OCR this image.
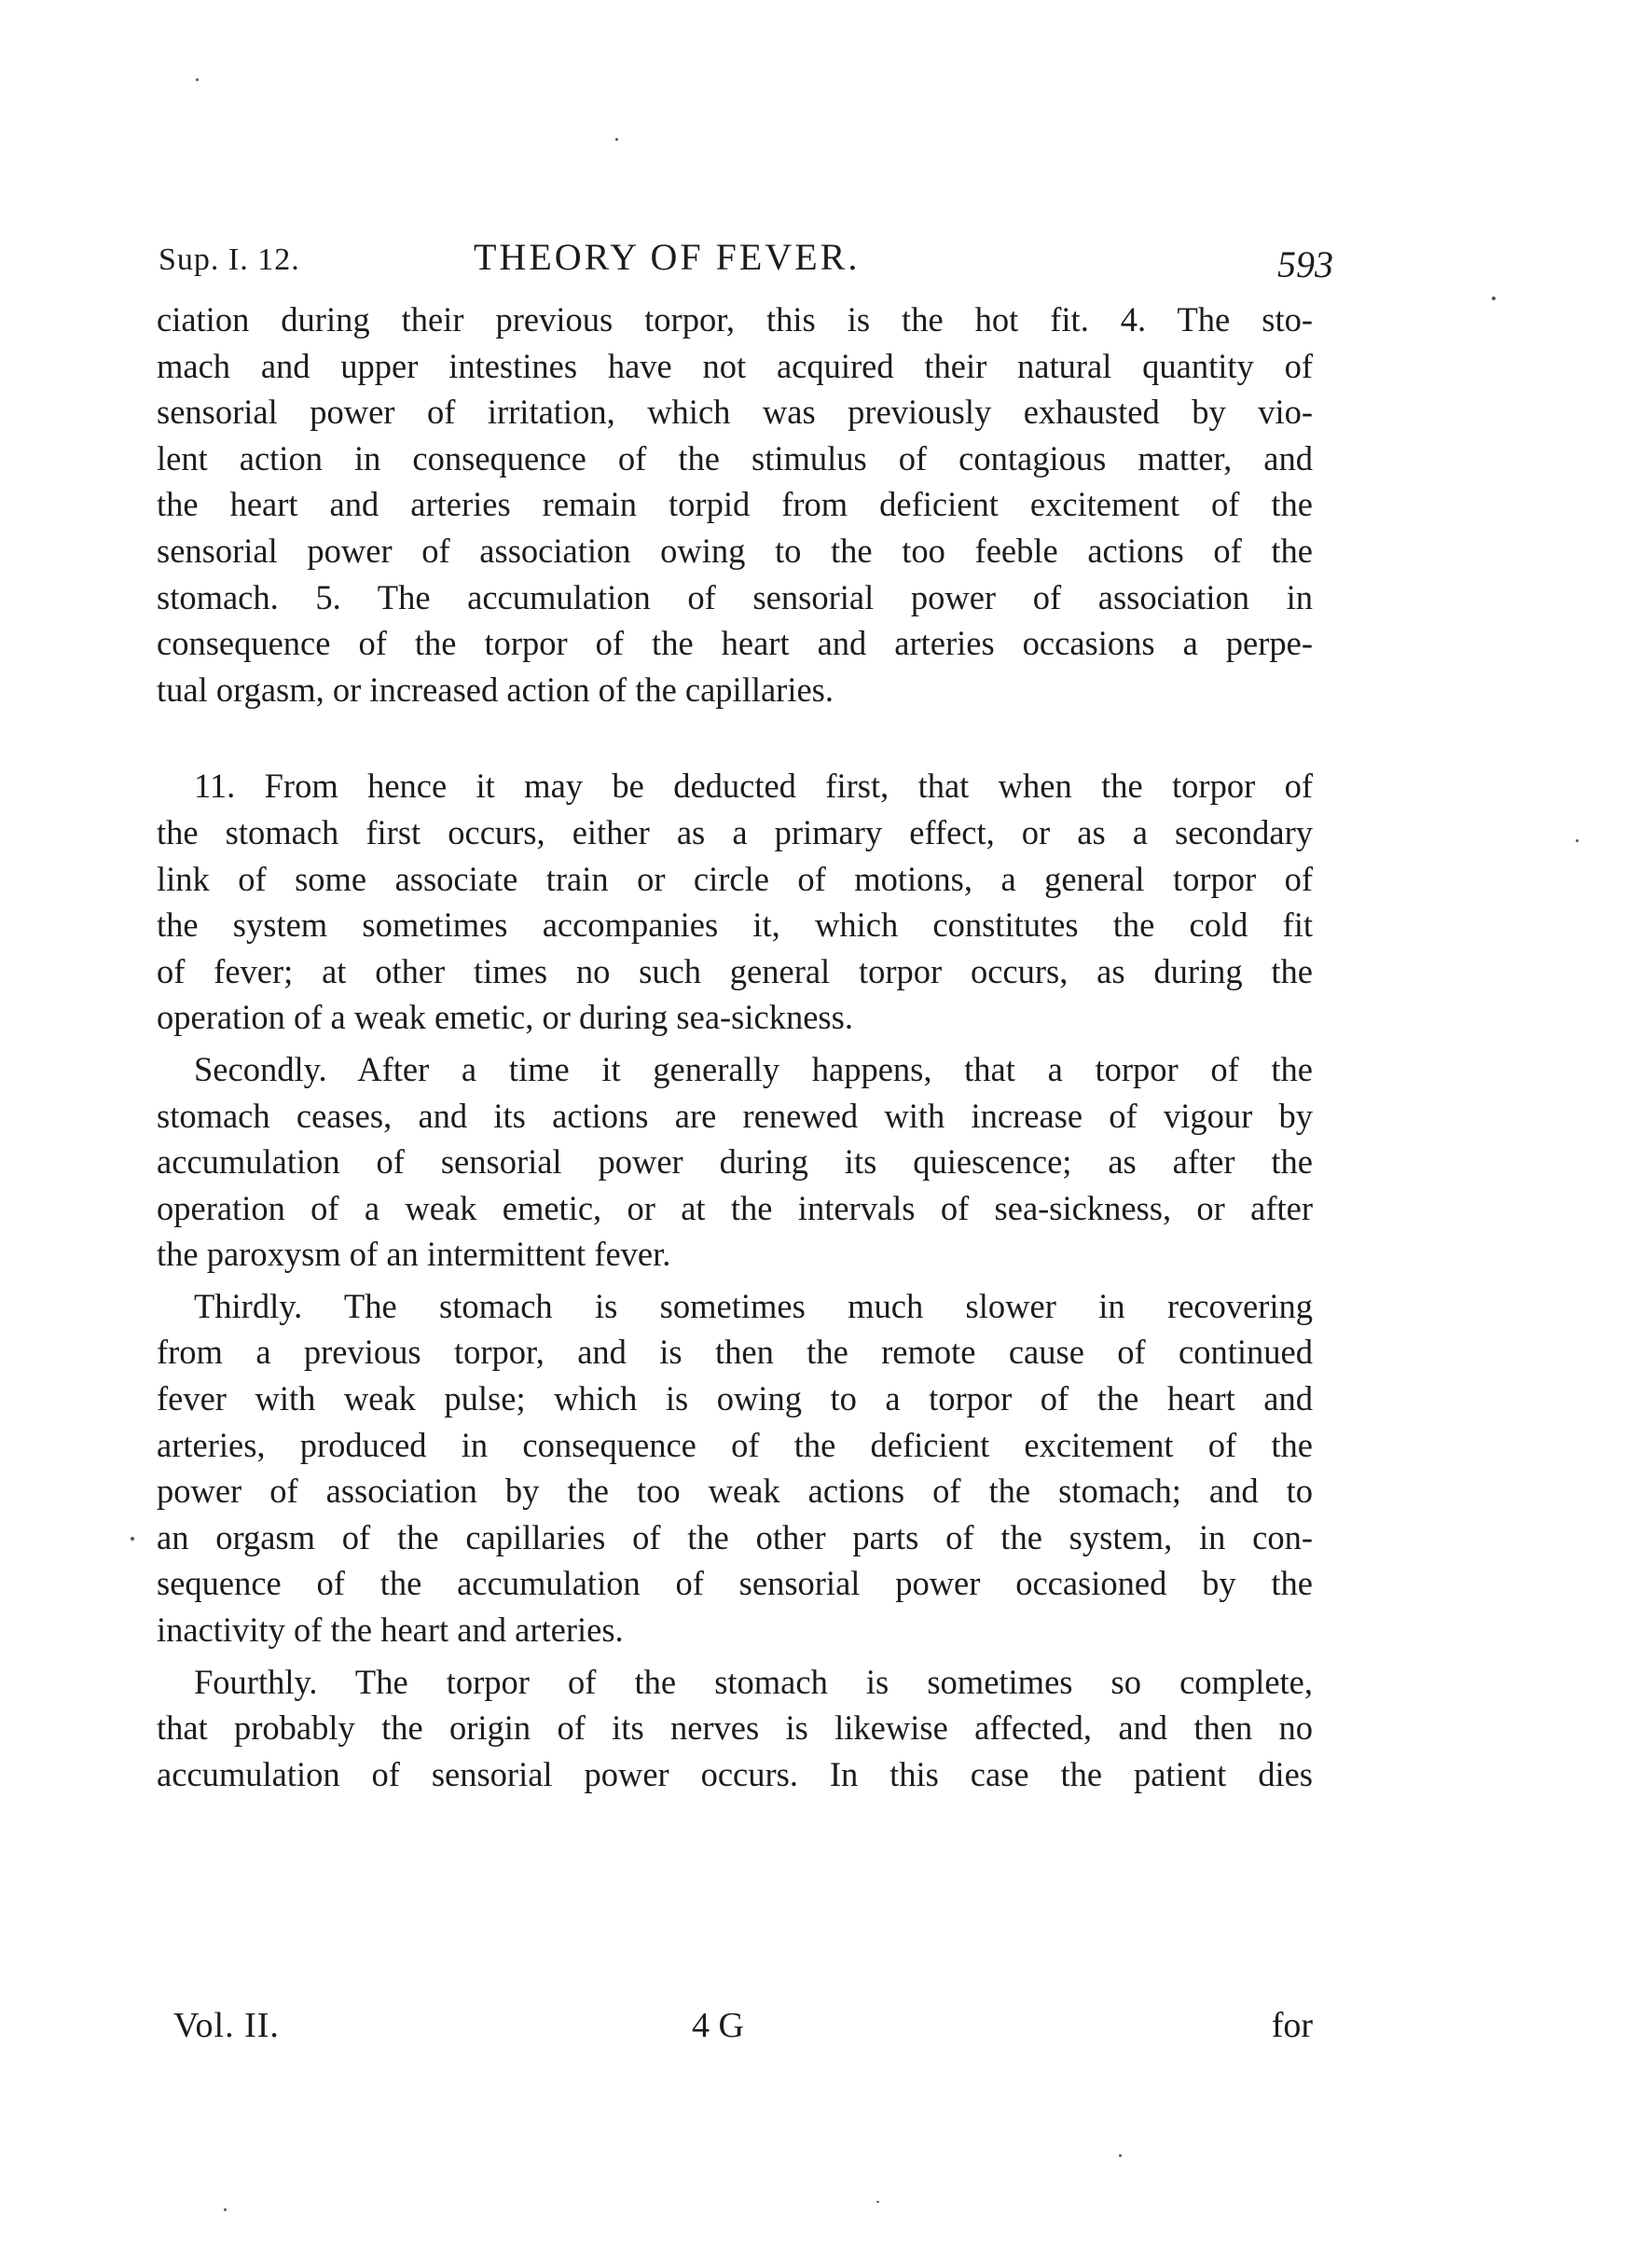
Sup. I. 12.	THEORY OF FEVER.	593
ciation during their previous torpor, this is the hot fit. 4. The sto-
mach and upper intestines have not acquired their natural quantity of
sensorial power of irritation, which was previously exhausted by vio-
lent action in consequence of the stimulus of contagious matter, and
the heart and arteries remain torpid from deficient excitement of the
sensorial power of association owing to the too feeble actions of the
stomach. 5. The accumulation of sensorial power of association in
consequence of the torpor of the heart and arteries occasions a perpe-
tual orgasm, or increased action of the capillaries.
11. From hence it may be deducted first, that when the torpor of
the stomach first occurs, either as a primary effect, or as a secondary
link of some associate train or circle of motions, a general torpor of
the system sometimes accompanies it, which constitutes the cold fit
of fever; at other times no such general torpor occurs, as during the
operation of a weak emetic, or during sea-sickness.
Secondly. After a time it generally happens, that a torpor of the
stomach ceases, and its actions are renewed with increase of vigour by
accumulation of sensorial power during its quiescence; as after the
operation of a weak emetic, or at the intervals of sea-sickness, or after
the paroxysm of an intermittent fever.
Thirdly. The stomach is sometimes much slower in recovering
from a previous torpor, and is then the remote cause of continued
fever with weak pulse; which is owing to a torpor of the heart and
arteries, produced in consequence of the deficient excitement of the
power of association by the too weak actions of the stomach; and to
an orgasm of the capillaries of the other parts of the system, in con-
sequence of the accumulation of sensorial power occasioned by the
inactivity of the heart and arteries.
Fourthly. The torpor of the stomach is sometimes so complete,
that probably the origin of its nerves is likewise affected, and then no
accumulation of sensorial power occurs. In this case the patient dies
Vol. II.	4 G	for
